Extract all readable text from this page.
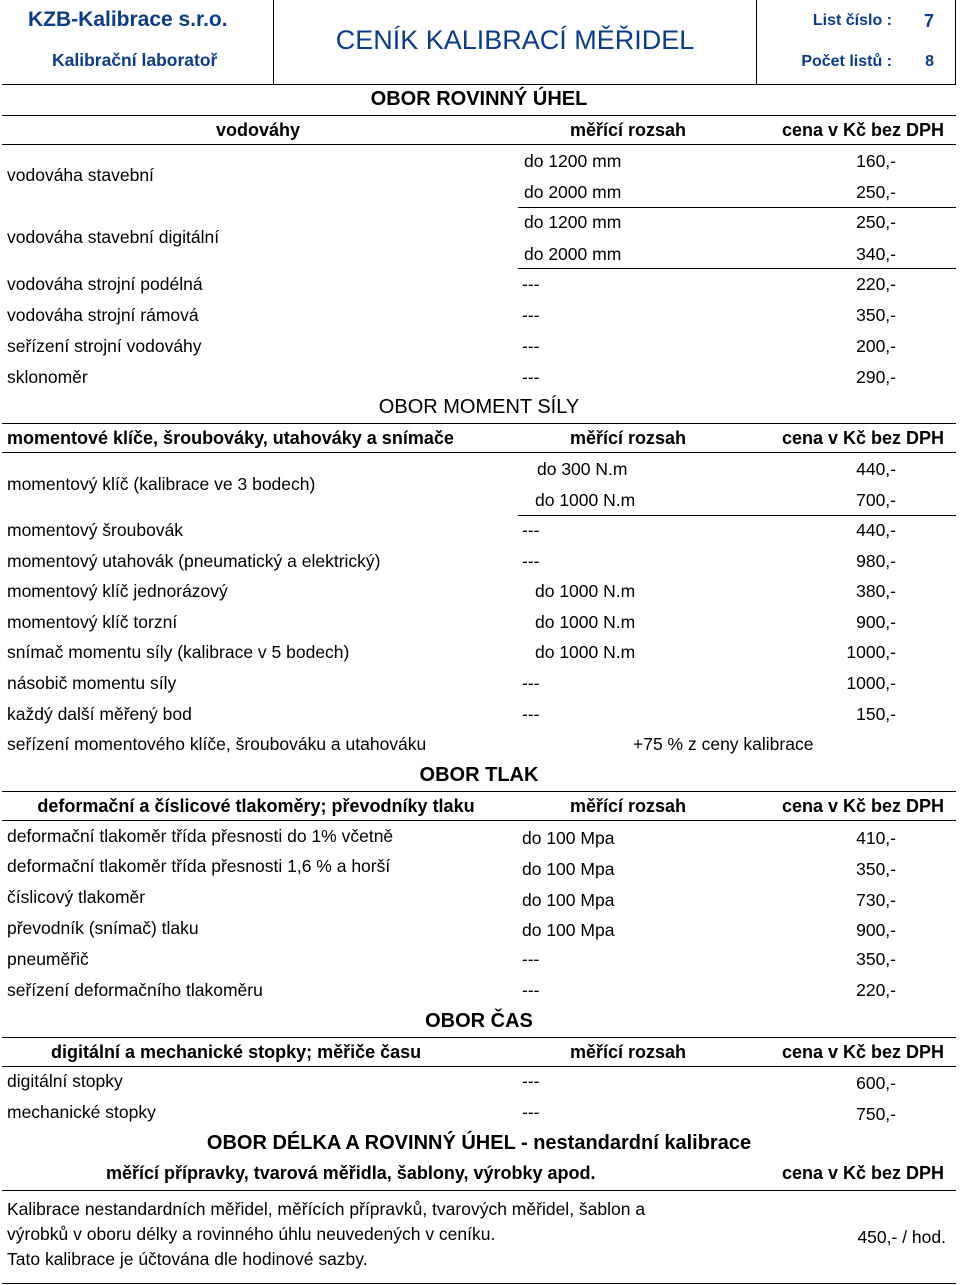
KZB-Kalibrace s.r.o.
Kalibrační laboratoř
CENÍK KALIBRACÍ MĚŘIDEL
List číslo : 7
Počet listů : 8
OBOR ROVINNÝ ÚHEL
vodováhy	měřící rozsah	cena v Kč bez DPH
vodováha stavební
do 1200 mm	160,-
do 2000 mm	250,-
vodováha stavební digitální
do 1200 mm	250,-
do 2000 mm	340,-
vodováha strojní podélná	---	220,-
vodováha strojní rámová	---	350,-
seřízení strojní vodováhy	---	200,-
sklonoměr	---	290,-
OBOR MOMENT SÍLY
momentové klíče, šroubováky, utahováky a snímače	měřící rozsah	cena v Kč bez DPH
momentový klíč (kalibrace ve 3 bodech)
do 300 N.m	440,-
do 1000 N.m	700,-
momentový šroubovák	---	440,-
momentový utahovák (pneumatický a elektrický)	---	980,-
momentový klíč jednorázový	do 1000 N.m	380,-
momentový klíč torzní	do 1000 N.m	900,-
snímač momentu síly (kalibrace v 5 bodech)	do 1000 N.m	1000,-
násobič momentu síly	---	1000,-
každý další měřený bod	---	150,-
seřízení momentového klíče, šroubováku a utahováku	+75 % z ceny kalibrace
OBOR TLAK
deformační a číslicové tlakoměry; převodníky tlaku	měřící rozsah	cena v Kč bez DPH
deformační tlakoměr třída přesnosti do 1% včetně	do 100 Mpa	410,-
deformační tlakoměr třída přesnosti 1,6 % a horší	do 100 Mpa	350,-
číslicový tlakoměr	do 100 Mpa	730,-
převodník (snímač) tlaku	do 100 Mpa	900,-
pneuměřič	---	350,-
seřízení deformačního tlakoměru	---	220,-
OBOR ČAS
digitální a mechanické stopky; měřiče času	měřící rozsah	cena v Kč bez DPH
digitální stopky	---	600,-
mechanické stopky	---	750,-
OBOR DÉLKA A ROVINNÝ ÚHEL - nestandardní kalibrace
měřící přípravky, tvarová měřidla, šablony, výrobky apod.	cena v Kč bez DPH
Kalibrace nestandardních měřidel, měřících přípravků, tvarových měřidel, šablon a
výrobků v oboru délky a rovinného úhlu neuvedených v ceníku.
Tato kalibrace je účtována dle hodinové sazby.
450,- / hod.
